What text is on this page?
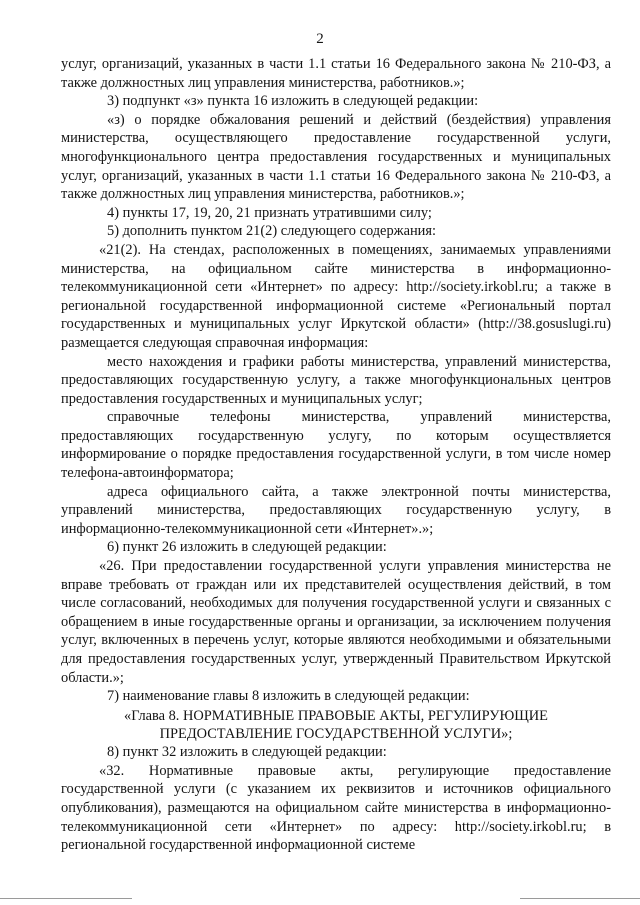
2

услуг, организаций, указанных в части 1.1 статьи 16 Федерального закона № 210-ФЗ, а также должностных лиц управления министерства, работников.»;

3) подпункт «з» пункта 16 изложить в следующей редакции:

«з) о порядке обжалования решений и действий (бездействия) управления министерства, осуществляющего предоставление государственной услуги, многофункционального центра предоставления государственных и муниципальных услуг, организаций, указанных в части 1.1 статьи 16 Федерального закона № 210-ФЗ, а также должностных лиц управления министерства, работников.»;

4) пункты 17, 19, 20, 21 признать утратившими силу;

5) дополнить пунктом 21(2) следующего содержания:

«21(2). На стендах, расположенных в помещениях, занимаемых управлениями министерства, на официальном сайте министерства в информационно-телекоммуникационной сети «Интернет» по адресу: http://society.irkobl.ru; а также в региональной государственной информационной системе «Региональный портал государственных и муниципальных услуг Иркутской области» (http://38.gosuslugi.ru) размещается следующая справочная информация:

место нахождения и графики работы министерства, управлений министерства, предоставляющих государственную услугу, а также многофункциональных центров предоставления государственных и муниципальных услуг;

справочные телефоны министерства, управлений министерства, предоставляющих государственную услугу, по которым осуществляется информирование о порядке предоставления государственной услуги, в том числе номер телефона-автоинформатора;

адреса официального сайта, а также электронной почты министерства, управлений министерства, предоставляющих государственную услугу, в информационно-телекоммуникационной сети «Интернет».»;

6) пункт 26 изложить в следующей редакции:

«26. При предоставлении государственной услуги управления министерства не вправе требовать от граждан или их представителей осуществления действий, в том числе согласований, необходимых для получения государственной услуги и связанных с обращением в иные государственные органы и организации, за исключением получения услуг, включенных в перечень услуг, которые являются необходимыми и обязательными для предоставления государственных услуг, утвержденный Правительством Иркутской области.»;

7) наименование главы 8 изложить в следующей редакции:

«Глава 8. НОРМАТИВНЫЕ ПРАВОВЫЕ АКТЫ, РЕГУЛИРУЮЩИЕ ПРЕДОСТАВЛЕНИЕ ГОСУДАРСТВЕННОЙ УСЛУГИ»;

8) пункт 32 изложить в следующей редакции:

«32. Нормативные правовые акты, регулирующие предоставление государственной услуги (с указанием их реквизитов и источников официального опубликования), размещаются на официальном сайте министерства в информационно-телекоммуникационной сети «Интернет» по адресу: http://society.irkobl.ru; в региональной государственной информационной системе
